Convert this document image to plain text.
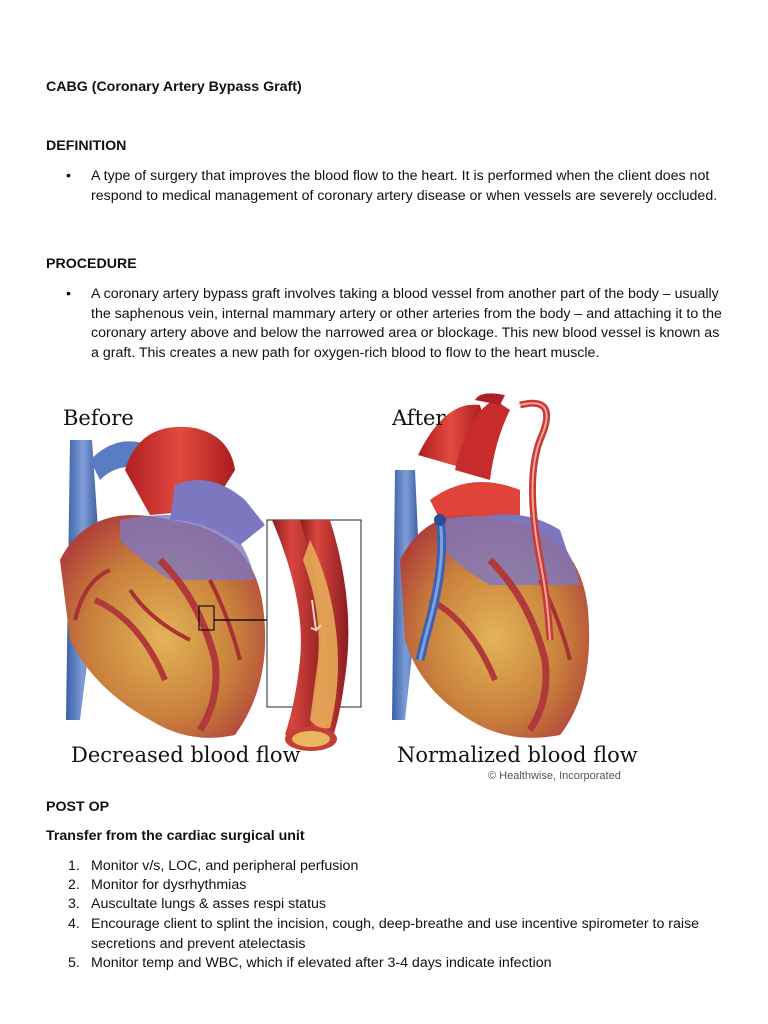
CABG (Coronary Artery Bypass Graft)
DEFINITION
• A type of surgery that improves the blood flow to the heart. It is performed when the client does not respond to medical management of coronary artery disease or when vessels are severely occluded.
PROCEDURE
• A coronary artery bypass graft involves taking a blood vessel from another part of the body – usually the saphenous vein, internal mammary artery or other arteries from the body – and attaching it to the coronary artery above and below the narrowed area or blockage. This new blood vessel is known as a graft. This creates a new path for oxygen-rich blood to flow to the heart muscle.
Before	After
Decreased blood flow	Normalized blood flow
© Healthwise, Incorporated
POST OP
Transfer from the cardiac surgical unit
1. Monitor v/s, LOC, and peripheral perfusion
2. Monitor for dysrhythmias
3. Auscultate lungs & asses respi status
4. Encourage client to splint the incision, cough, deep-breathe and use incentive spirometer to raise secretions and prevent atelectasis
5. Monitor temp and WBC, which if elevated after 3-4 days indicate infection
